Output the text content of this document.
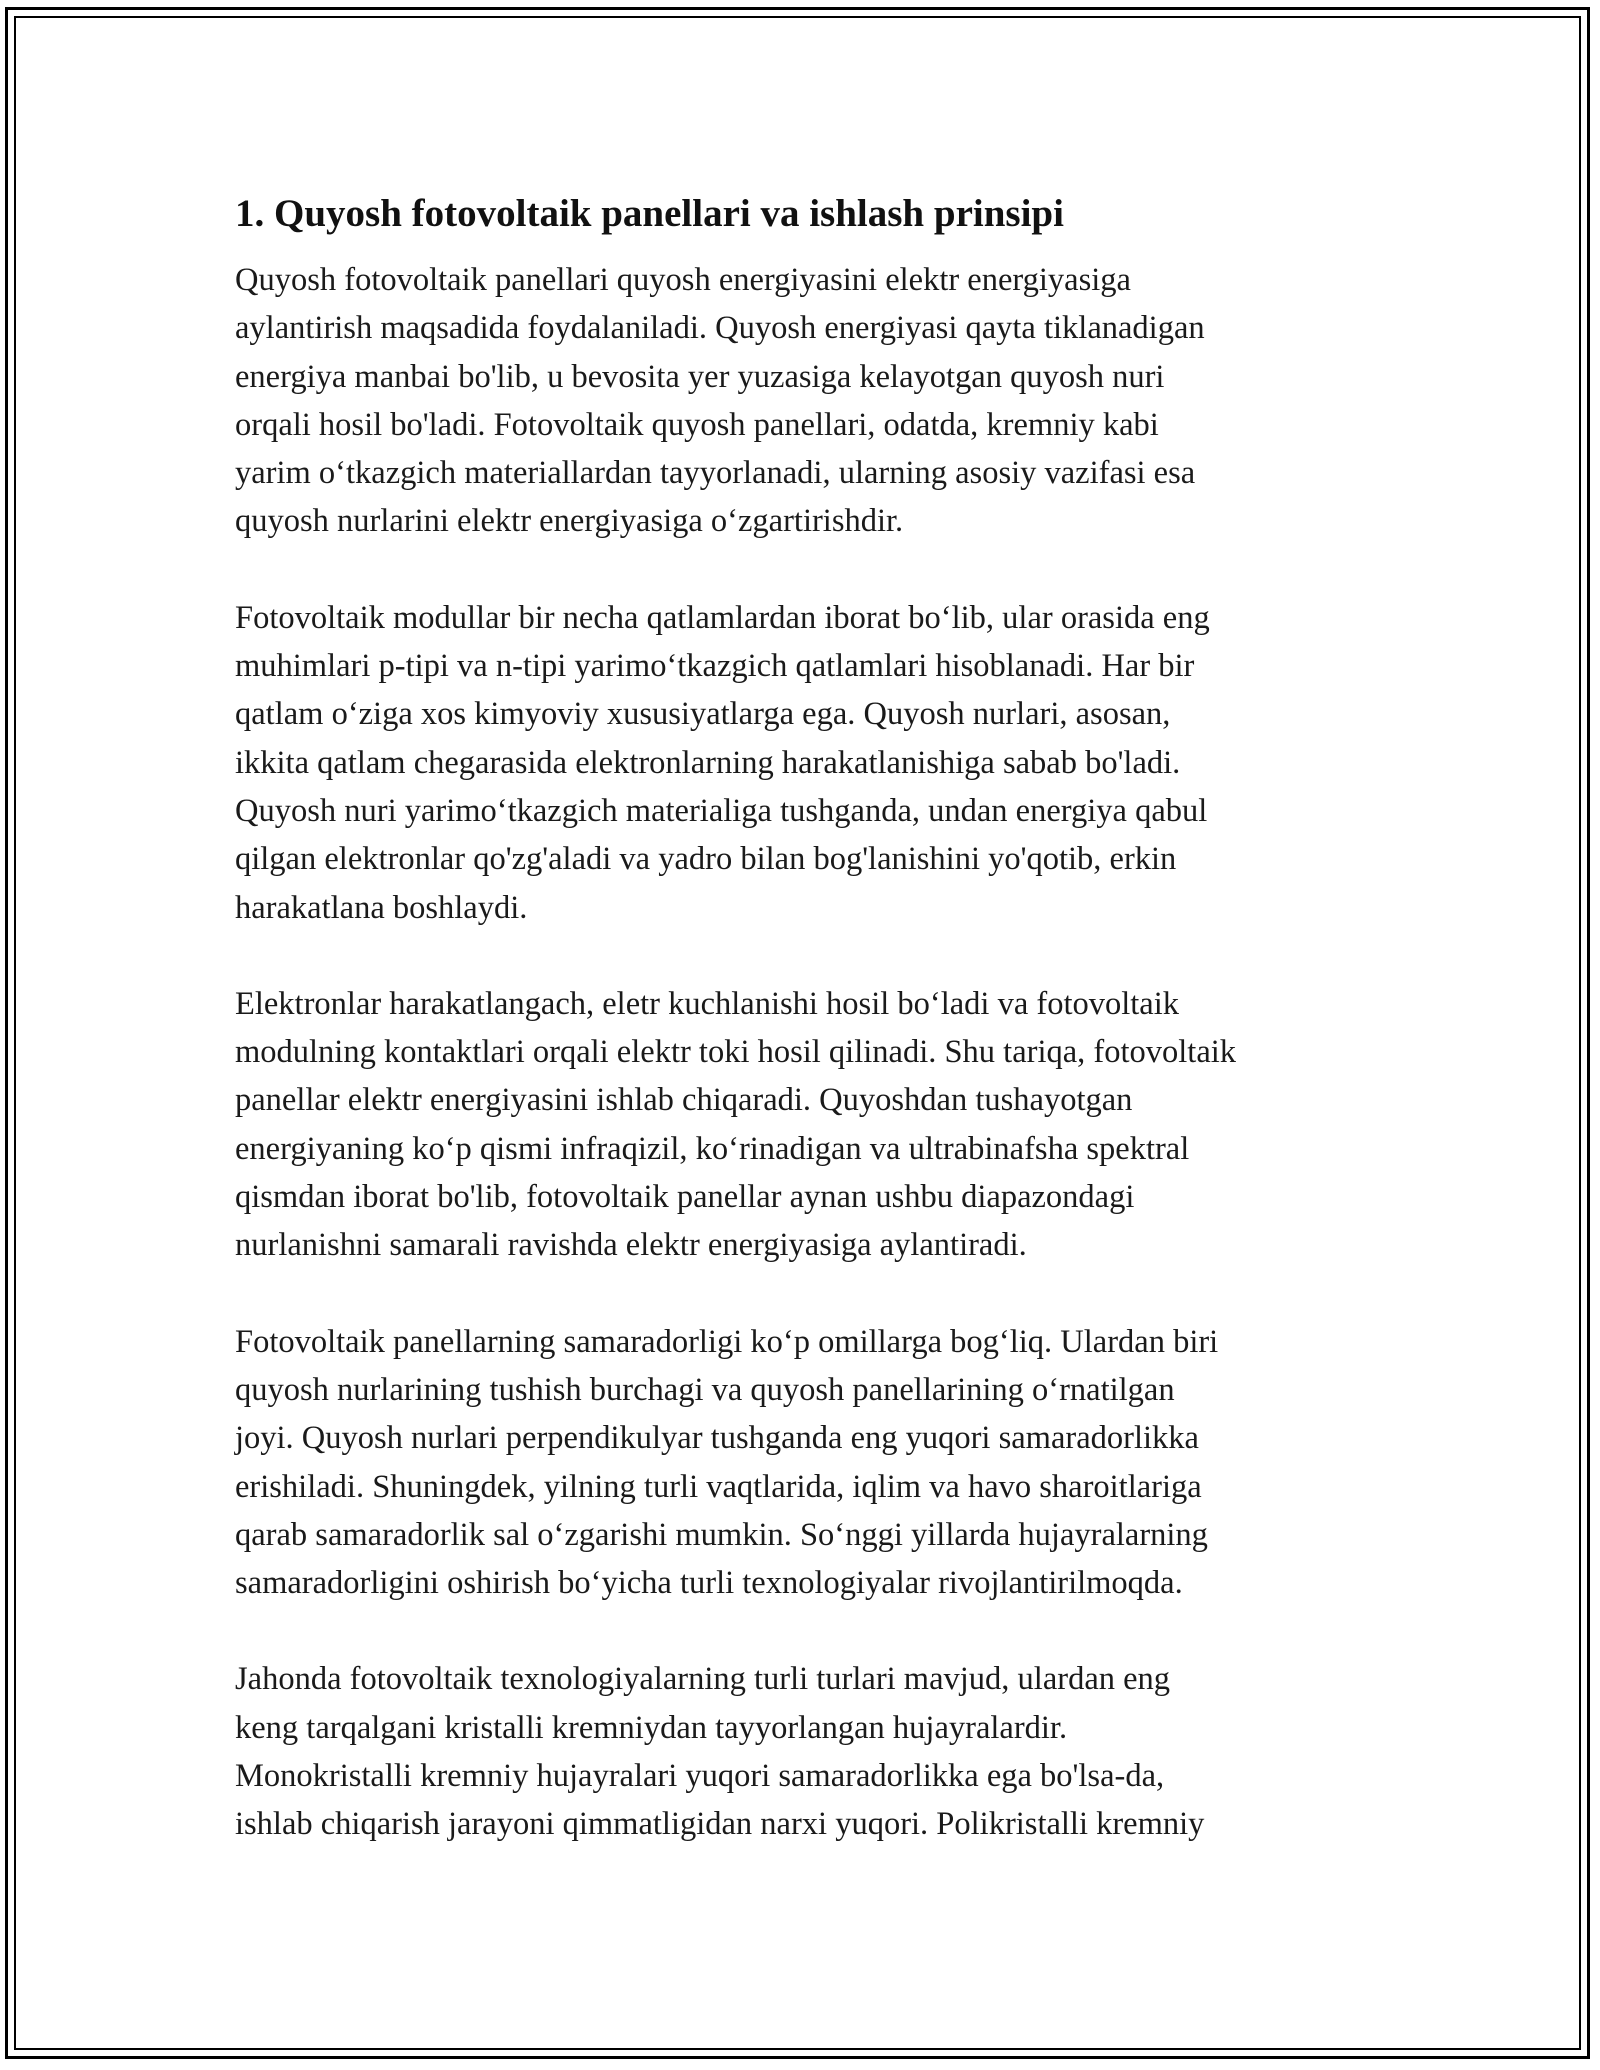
1. Quyosh fotovoltaik panellari va ishlash prinsipi

Quyosh fotovoltaik panellari quyosh energiyasini elektr energiyasiga
aylantirish maqsadida foydalaniladi. Quyosh energiyasi qayta tiklanadigan
energiya manbai bo'lib, u bevosita yer yuzasiga kelayotgan quyosh nuri
orqali hosil bo'ladi. Fotovoltaik quyosh panellari, odatda, kremniy kabi
yarim oʻtkazgich materiallardan tayyorlanadi, ularning asosiy vazifasi esa
quyosh nurlarini elektr energiyasiga oʻzgartirishdir.

Fotovoltaik modullar bir necha qatlamlardan iborat boʻlib, ular orasida eng
muhimlari p-tipi va n-tipi yarimoʻtkazgich qatlamlari hisoblanadi. Har bir
qatlam oʻziga xos kimyoviy xususiyatlarga ega. Quyosh nurlari, asosan,
ikkita qatlam chegarasida elektronlarning harakatlanishiga sabab bo'ladi.
Quyosh nuri yarimoʻtkazgich materialiga tushganda, undan energiya qabul
qilgan elektronlar qo'zg'aladi va yadro bilan bog'lanishini yo'qotib, erkin
harakatlana boshlaydi.

Elektronlar harakatlangach, eletr kuchlanishi hosil boʻladi va fotovoltaik
modulning kontaktlari orqali elektr toki hosil qilinadi. Shu tariqa, fotovoltaik
panellar elektr energiyasini ishlab chiqaradi. Quyoshdan tushayotgan
energiyaning koʻp qismi infraqizil, koʻrinadigan va ultrabinafsha spektral
qismdan iborat bo'lib, fotovoltaik panellar aynan ushbu diapazondagi
nurlanishni samarali ravishda elektr energiyasiga aylantiradi.

Fotovoltaik panellarning samaradorligi koʻp omillarga bogʻliq. Ulardan biri
quyosh nurlarining tushish burchagi va quyosh panellarining oʻrnatilgan
joyi. Quyosh nurlari perpendikulyar tushganda eng yuqori samaradorlikka
erishiladi. Shuningdek, yilning turli vaqtlarida, iqlim va havo sharoitlariga
qarab samaradorlik sal oʻzgarishi mumkin. Soʻnggi yillarda hujayralarning
samaradorligini oshirish boʻyicha turli texnologiyalar rivojlantirilmoqda.

Jahonda fotovoltaik texnologiyalarning turli turlari mavjud, ulardan eng
keng tarqalgani kristalli kremniydan tayyorlangan hujayralardir.
Monokristalli kremniy hujayralari yuqori samaradorlikka ega bo'lsa-da,
ishlab chiqarish jarayoni qimmatligidan narxi yuqori. Polikristalli kremniy
